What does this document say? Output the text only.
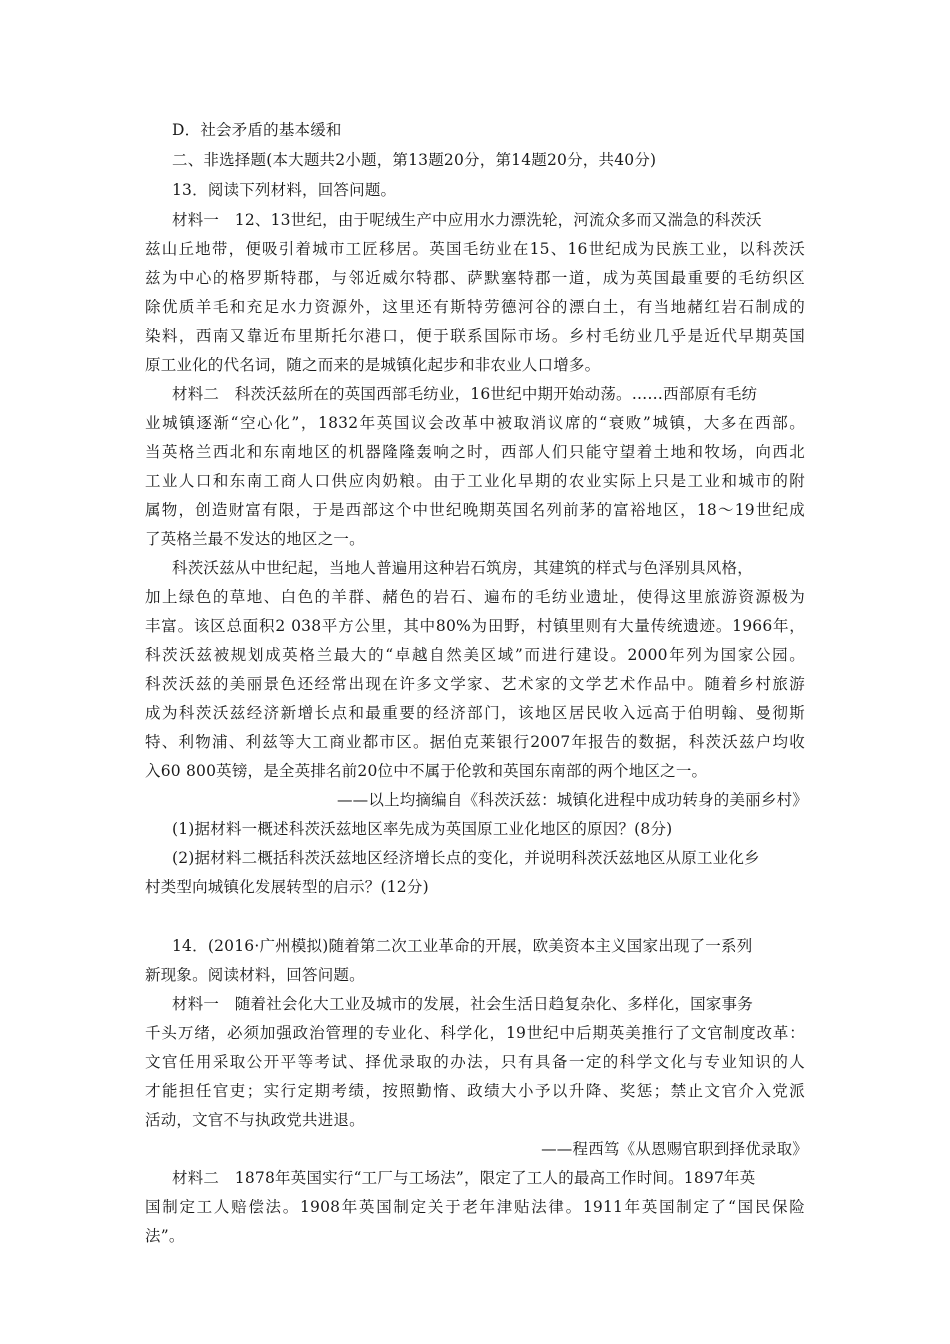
D．社会矛盾的基本缓和
二、非选择题(本大题共2小题，第13题20分，第14题20分，共40分)
13．阅读下列材料，回答问题。
材料一　12、13世纪，由于呢绒生产中应用水力漂洗轮，河流众多而又湍急的科茨沃
兹山丘地带，便吸引着城市工匠移居。英国毛纺业在15、16世纪成为民族工业，以科茨沃
兹为中心的格罗斯特郡，与邻近威尔特郡、萨默塞特郡一道，成为英国最重要的毛纺织区
除优质羊毛和充足水力资源外，这里还有斯特劳德河谷的漂白土，有当地赭红岩石制成的
染料，西南又靠近布里斯托尔港口，便于联系国际市场。乡村毛纺业几乎是近代早期英国
原工业化的代名词，随之而来的是城镇化起步和非农业人口增多。
材料二　科茨沃兹所在的英国西部毛纺业，16世纪中期开始动荡。……西部原有毛纺
业城镇逐渐“空心化”，1832年英国议会改革中被取消议席的“衰败”城镇，大多在西部。
当英格兰西北和东南地区的机器隆隆轰响之时，西部人们只能守望着土地和牧场，向西北
工业人口和东南工商人口供应肉奶粮。由于工业化早期的农业实际上只是工业和城市的附
属物，创造财富有限，于是西部这个中世纪晚期英国名列前茅的富裕地区，18～19世纪成
了英格兰最不发达的地区之一。
科茨沃兹从中世纪起，当地人普遍用这种岩石筑房，其建筑的样式与色泽别具风格，
加上绿色的草地、白色的羊群、赭色的岩石、遍布的毛纺业遗址，使得这里旅游资源极为
丰富。该区总面积2 038平方公里，其中80%为田野，村镇里则有大量传统遗迹。1966年，
科茨沃兹被规划成英格兰最大的“卓越自然美区域”而进行建设。2000年列为国家公园。
科茨沃兹的美丽景色还经常出现在许多文学家、艺术家的文学艺术作品中。随着乡村旅游
成为科茨沃兹经济新增长点和最重要的经济部门，该地区居民收入远高于伯明翰、曼彻斯
特、利物浦、利兹等大工商业都市区。据伯克莱银行2007年报告的数据，科茨沃兹户均收
入60 800英镑，是全英排名前20位中不属于伦敦和英国东南部的两个地区之一。
——以上均摘编自《科茨沃兹：城镇化进程中成功转身的美丽乡村》
(1)据材料一概述科茨沃兹地区率先成为英国原工业化地区的原因？(8分)
(2)据材料二概括科茨沃兹地区经济增长点的变化，并说明科茨沃兹地区从原工业化乡
村类型向城镇化发展转型的启示？(12分)
14．(2016·广州模拟)随着第二次工业革命的开展，欧美资本主义国家出现了一系列
新现象。阅读材料，回答问题。
材料一　随着社会化大工业及城市的发展，社会生活日趋复杂化、多样化，国家事务
千头万绪，必须加强政治管理的专业化、科学化，19世纪中后期英美推行了文官制度改革：
文官任用采取公开平等考试、择优录取的办法，只有具备一定的科学文化与专业知识的人
才能担任官吏；实行定期考绩，按照勤惰、政绩大小予以升降、奖惩；禁止文官介入党派
活动，文官不与执政党共进退。
——程西笃《从恩赐官职到择优录取》
材料二　1878年英国实行“工厂与工场法”，限定了工人的最高工作时间。1897年英
国制定工人赔偿法。1908年英国制定关于老年津贴法律。1911年英国制定了“国民保险
法”。
